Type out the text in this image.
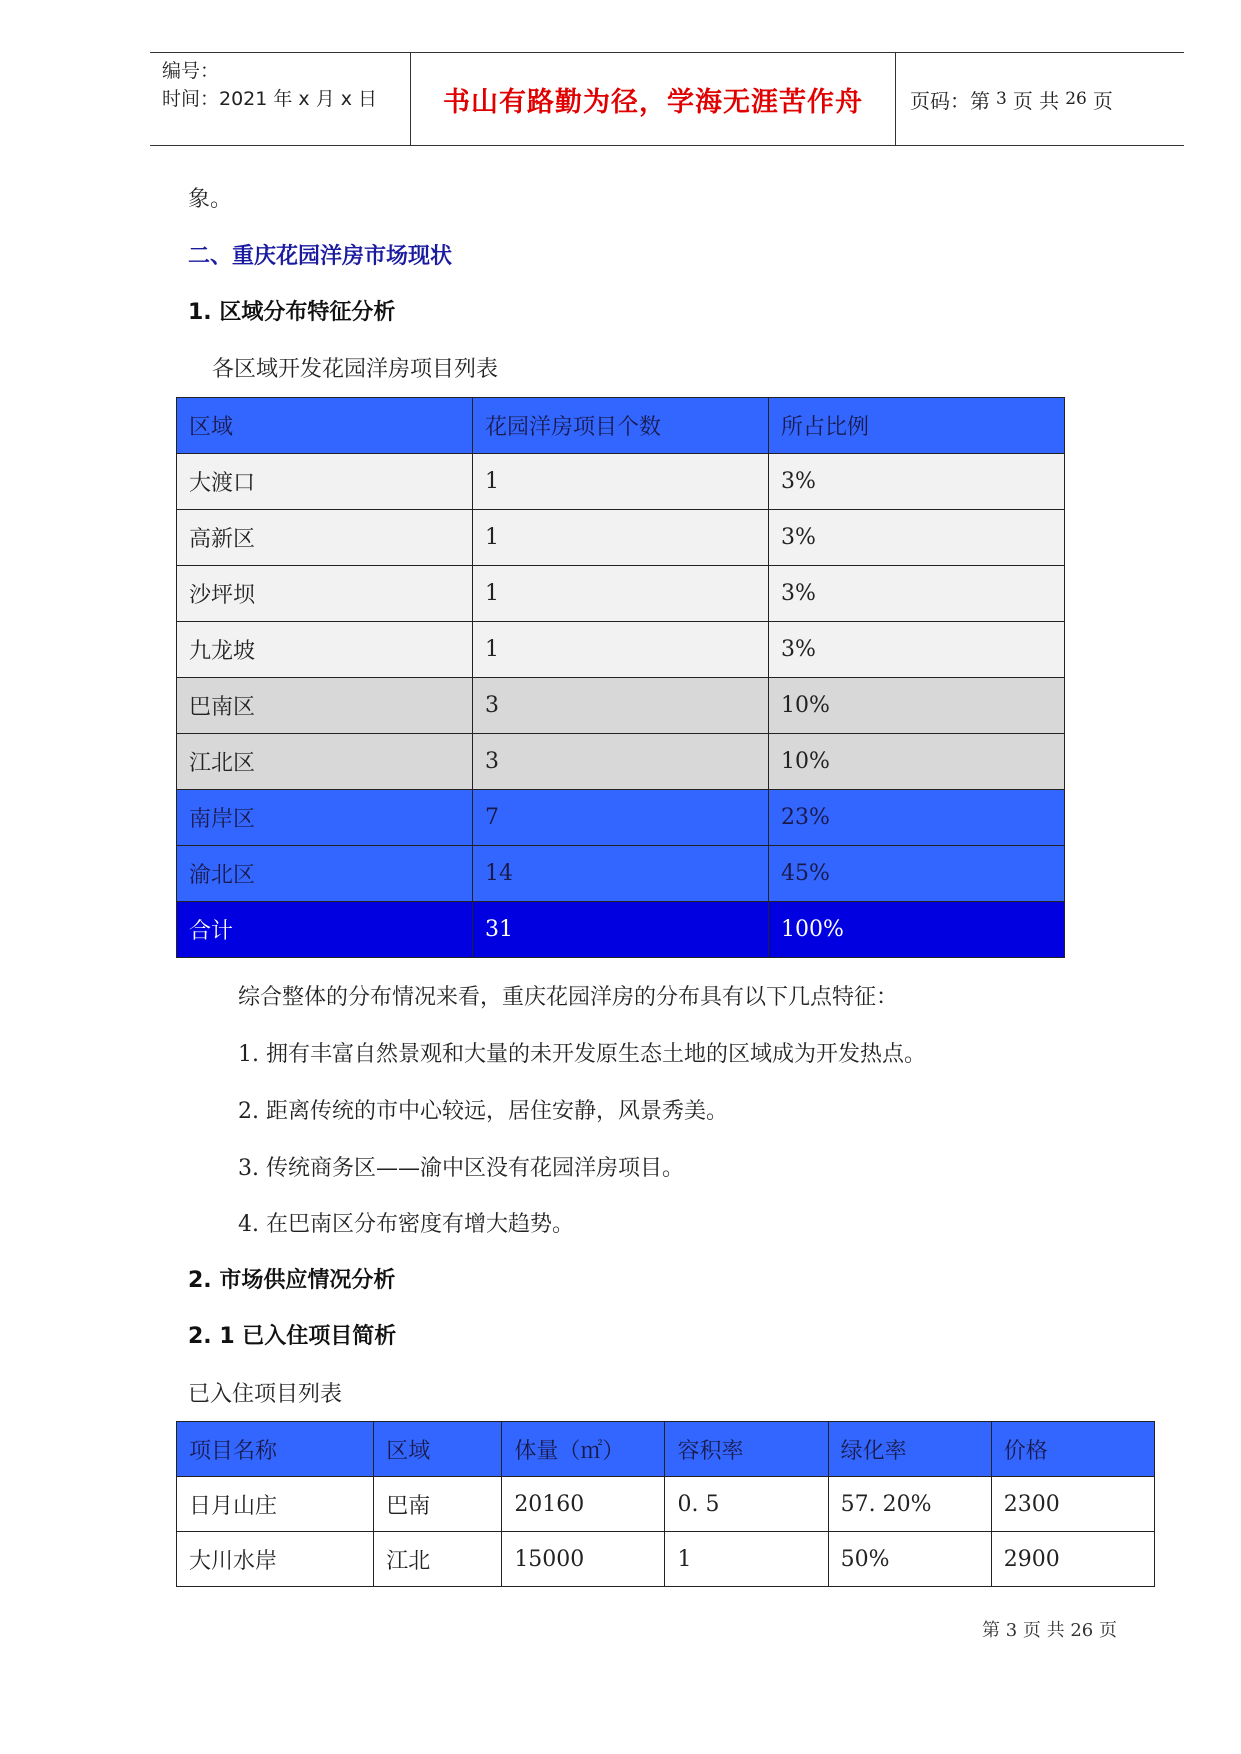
编号：
时间：2021 年 x 月 x 日	书山有路勤为径，学海无涯苦作舟	页码：第 3 页 共 26 页
象。
二、重庆花园洋房市场现状
1. 区域分布特征分析
各区域开发花园洋房项目列表
区域	花园洋房项目个数	所占比例
大渡口	1	3%
高新区	1	3%
沙坪坝	1	3%
九龙坡	1	3%
巴南区	3	10%
江北区	3	10%
南岸区	7	23%
渝北区	14	45%
合计	31	100%
综合整体的分布情况来看，重庆花园洋房的分布具有以下几点特征：
1. 拥有丰富自然景观和大量的未开发原生态土地的区域成为开发热点。
2. 距离传统的市中心较远，居住安静，风景秀美。
3. 传统商务区——渝中区没有花园洋房项目。
4. 在巴南区分布密度有增大趋势。
2. 市场供应情况分析
2. 1 已入住项目简析
已入住项目列表
项目名称	区域	体量（㎡）	容积率	绿化率	价格
日月山庄	巴南	20160	0. 5	57. 20%	2300
大川水岸	江北	15000	1	50%	2900
第 3 页 共 26 页
